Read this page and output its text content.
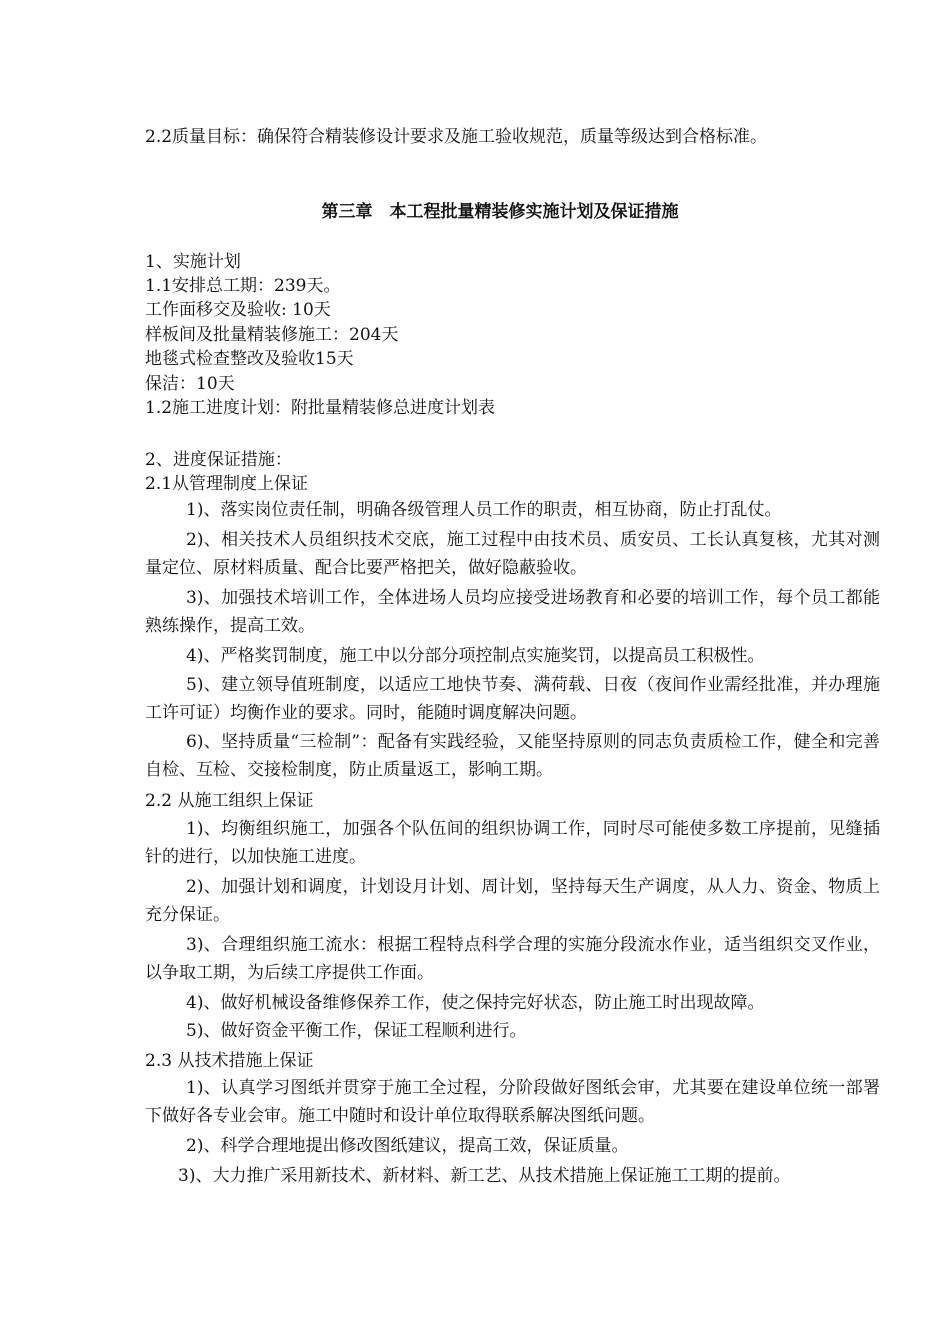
2.2质量目标：确保符合精装修设计要求及施工验收规范，质量等级达到合格标准。
第三章　本工程批量精装修实施计划及保证措施
1、实施计划
1.1安排总工期：239天。
工作面移交及验收: 10天
样板间及批量精装修施工：204天
地毯式检查整改及验收15天
保洁：10天
1.2施工进度计划：附批量精装修总进度计划表
2、进度保证措施：
2.1从管理制度上保证
1)、落实岗位责任制，明确各级管理人员工作的职责，相互协商，防止打乱仗。
2)、相关技术人员组织技术交底，施工过程中由技术员、质安员、工长认真复核，尤其对测量定位、原材料质量、配合比要严格把关，做好隐蔽验收。
3)、加强技术培训工作，全体进场人员均应接受进场教育和必要的培训工作，每个员工都能熟练操作，提高工效。
4)、严格奖罚制度，施工中以分部分项控制点实施奖罚，以提高员工积极性。
5)、建立领导值班制度，以适应工地快节奏、满荷载、日夜（夜间作业需经批准，并办理施工许可证）均衡作业的要求。同时，能随时调度解决问题。
6)、坚持质量“三检制”：配备有实践经验，又能坚持原则的同志负责质检工作，健全和完善自检、互检、交接检制度，防止质量返工，影响工期。
2.2 从施工组织上保证
1)、均衡组织施工，加强各个队伍间的组织协调工作，同时尽可能使多数工序提前，见缝插针的进行，以加快施工进度。
2)、加强计划和调度，计划设月计划、周计划，坚持每天生产调度，从人力、资金、物质上充分保证。
3)、合理组织施工流水：根据工程特点科学合理的实施分段流水作业，适当组织交叉作业，以争取工期，为后续工序提供工作面。
4)、做好机械设备维修保养工作，使之保持完好状态，防止施工时出现故障。
5)、做好资金平衡工作，保证工程顺利进行。
2.3 从技术措施上保证
1)、认真学习图纸并贯穿于施工全过程，分阶段做好图纸会审，尤其要在建设单位统一部署下做好各专业会审。施工中随时和设计单位取得联系解决图纸问题。
2)、科学合理地提出修改图纸建议，提高工效，保证质量。
3)、大力推广采用新技术、新材料、新工艺、从技术措施上保证施工工期的提前。
